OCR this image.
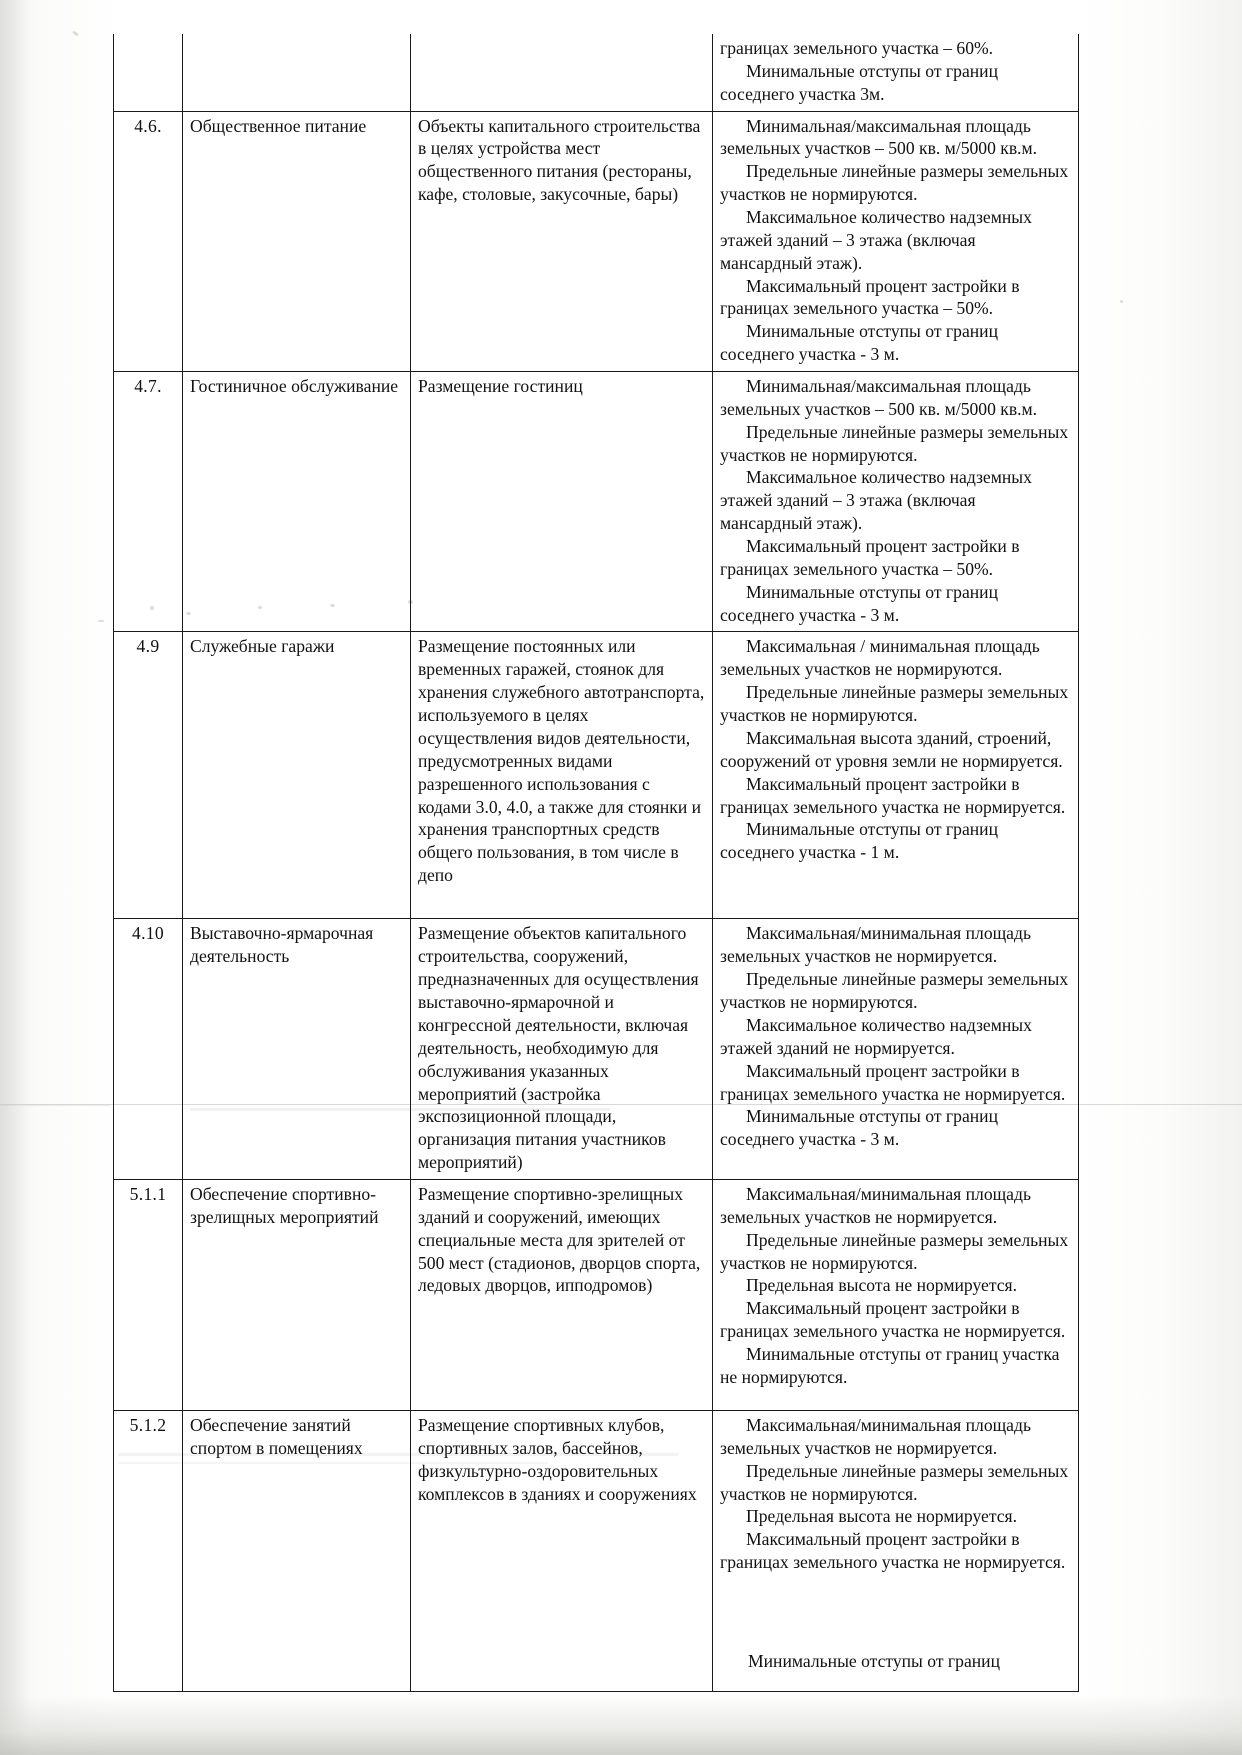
			границах земельного участка – 60%.

Минимальные отступы от границ

соседнего участка 3м.

4.6.	Общественное питание	Объекты капитального строительства в целях устройства мест общественного питания (рестораны, кафе, столовые, закусочные, бары)	Минимальная/максимальная площадь земельных участков – 500 кв. м/5000 кв.м.

Предельные линейные размеры земельных участков не нормируются.

Максимальное количество надземных этажей зданий – 3 этажа (включая мансардный этаж).

Максимальный процент застройки в границах земельного участка – 50%.

Минимальные отступы от границ соседнего участка - 3 м.

4.7.	Гостиничное обслуживание	Размещение гостиниц	Минимальная/максимальная площадь земельных участков – 500 кв. м/5000 кв.м.

Предельные линейные размеры земельных участков не нормируются.

Максимальное количество надземных этажей зданий – 3 этажа (включая мансардный этаж).

Максимальный процент застройки в границах земельного участка – 50%.

Минимальные отступы от границ соседнего участка - 3 м.

4.9	Служебные гаражи	Размещение постоянных или временных гаражей, стоянок для хранения служебного автотранспорта, используемого в целях осуществления видов деятельности, предусмотренных видами разрешенного использования с кодами 3.0, 4.0, а также для стоянки и хранения транспортных средств общего пользования, в том числе в депо	

Максимальная / минимальная площадь земельных участков не нормируются.

Предельные линейные размеры земельных участков не нормируются.

Максимальная высота зданий, строений, сооружений от уровня земли не нормируется.

Максимальный процент застройки в границах земельного участка не нормируется.

Минимальные отступы от границ соседнего участка - 1 м.

4.10	Выставочно-ярмарочная деятельность	Размещение объектов капитального строительства, сооружений, предназначенных для осуществления выставочно-ярмарочной и конгрессной деятельности, включая деятельность, необходимую для обслуживания указанных мероприятий (застройка экспозиционной площади, организация питания участников мероприятий)	

Максимальная/минимальная площадь земельных участков не нормируется.

Предельные линейные размеры земельных участков не нормируются.

Максимальное количество надземных этажей зданий не нормируется.

Максимальный процент застройки в границах земельного участка не нормируется.

Минимальные отступы от границ соседнего участка - 3 м.

5.1.1	Обеспечение спортивно-зрелищных мероприятий	Размещение спортивно-зрелищных зданий и сооружений, имеющих специальные места для зрителей от 500 мест (стадионов, дворцов спорта, ледовых дворцов, ипподромов)	Максимальная/минимальная площадь земельных участков не нормируется.

Предельные линейные размеры земельных участков не нормируются.

Предельная высота не нормируется.

Максимальный процент застройки в границах земельного участка не нормируется.

Минимальные отступы от границ участка не нормируются.

5.1.2	Обеспечение занятий спортом в помещениях	Размещение спортивных клубов, спортивных залов, бассейнов, физкультурно-оздоровительных комплексов в зданиях и сооружениях	Максимальная/минимальная площадь земельных участков не нормируется.

Предельные линейные размеры земельных участков не нормируются.

Предельная высота не нормируется.

Максимальный процент застройки в границах земельного участка не нормируется.

Минимальные отступы от границ
